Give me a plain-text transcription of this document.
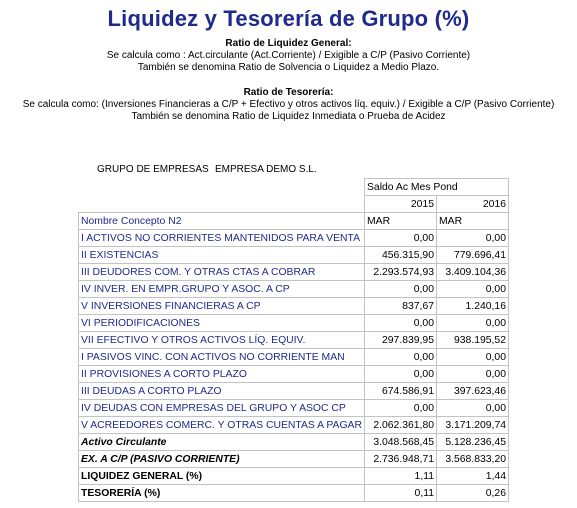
Liquidez y Tesorería de Grupo (%)
Ratio de Liquidez General:
Se calcula como : Act.circulante (Act.Corriente) / Exigible a C/P (Pasivo Corriente)
También se denomina Ratio de Solvencia o Liquidez a Medio Plazo.
Ratio de Tesorería:
Se calcula como: (Inversiones Financieras a C/P + Efectivo y otros activos líq. equiv.) / Exigible a C/P (Pasivo Corriente)
También se denomina Ratio de Liquidez Inmediata o Prueba de Acidez
GRUPO DE EMPRESAS EMPRESA DEMO S.L.
	Saldo Ac Mes Pond	
	2015	2016
Nombre Concepto N2	MAR	MAR
I ACTIVOS NO CORRIENTES MANTENIDOS PARA VENTA	0,00	0,00
II EXISTENCIAS	456.315,90	779.696,41
III DEUDORES COM. Y OTRAS CTAS A COBRAR	2.293.574,93	3.409.104,36
IV INVER. EN EMPR.GRUPO Y ASOC. A CP	0,00	0,00
V INVERSIONES FINANCIERAS A CP	837,67	1.240,16
VI PERIODIFICACIONES	0,00	0,00
VII EFECTIVO Y OTROS ACTIVOS LÍQ. EQUIV.	297.839,95	938.195,52
I PASIVOS VINC. CON ACTIVOS NO CORRIENTE MAN	0,00	0,00
II PROVISIONES A CORTO PLAZO	0,00	0,00
III DEUDAS A CORTO PLAZO	674.586,91	397.623,46
IV DEUDAS CON EMPRESAS DEL GRUPO Y ASOC CP	0,00	0,00
V ACREEDORES COMERC. Y OTRAS CUENTAS A PAGAR	2.062.361,80	3.171.209,74
Activo Circulante	3.048.568,45	5.128.236,45
EX. A C/P (PASIVO CORRIENTE)	2.736.948,71	3.568.833,20
LIQUIDEZ GENERAL (%)	1,11	1,44
TESORERÍA (%)	0,11	0,26
